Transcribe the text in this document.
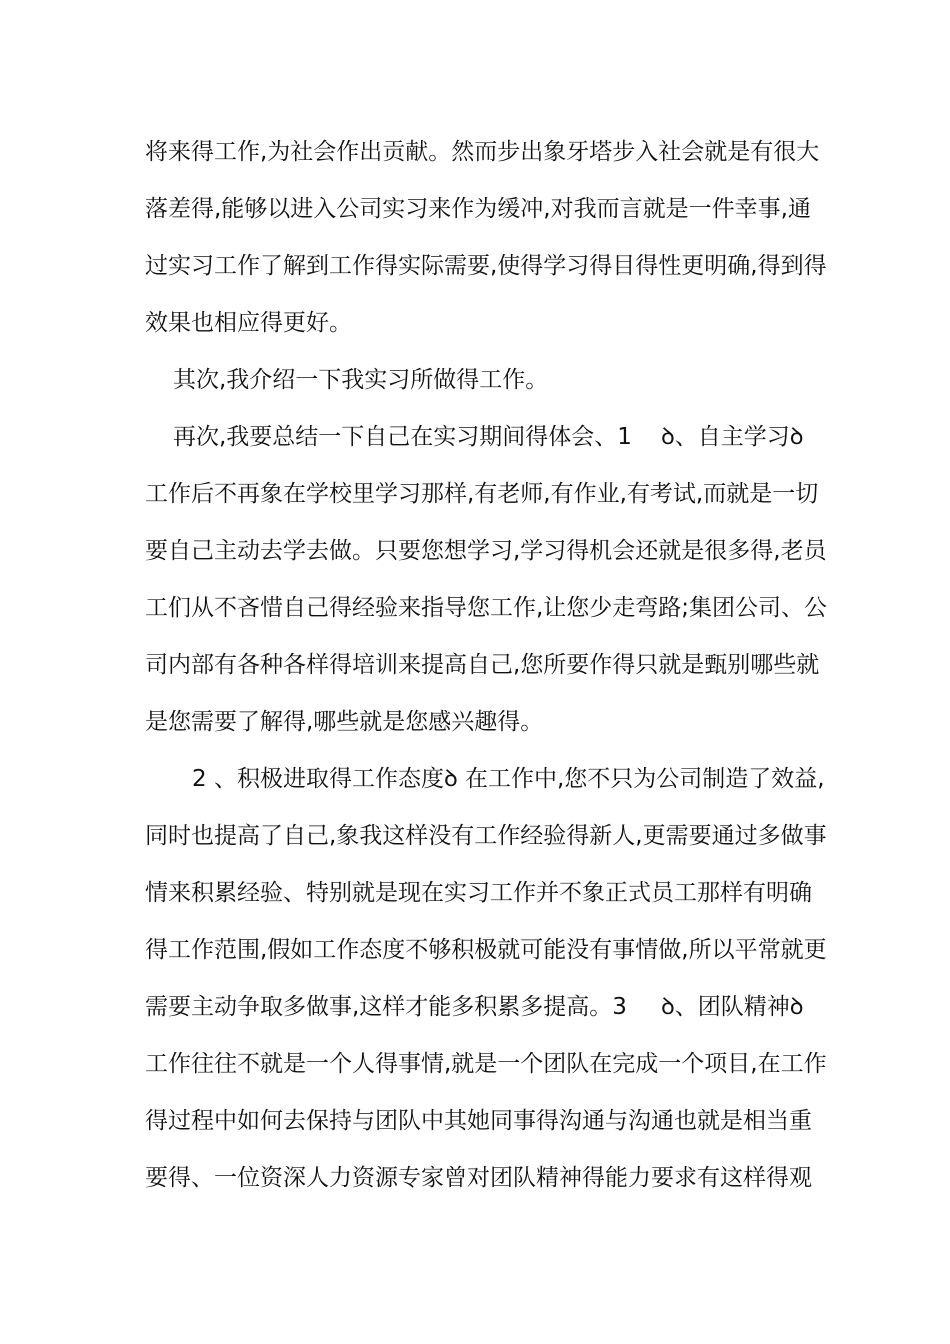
将来得工作,为社会作出贡献。然而步出象牙塔步入社会就是有很大
落差得,能够以进入公司实习来作为缓冲,对我而言就是一件幸事,通
过实习工作了解到工作得实际需要,使得学习得目得性更明确,得到得
效果也相应得更好。
其次,我介绍一下我实习所做得工作。
再次,我要总结一下自己在实习期间得体会、1 ꝺ、自主学习ꝺ
工作后不再象在学校里学习那样,有老师,有作业,有考试,而就是一切
要自己主动去学去做。只要您想学习,学习得机会还就是很多得,老员
工们从不吝惜自己得经验来指导您工作,让您少走弯路;集团公司、公
司内部有各种各样得培训来提高自己,您所要作得只就是甄别哪些就
是您需要了解得,哪些就是您感兴趣得。
2 、积极进取得工作态度ꝺ 在工作中,您不只为公司制造了效益,
同时也提高了自己,象我这样没有工作经验得新人,更需要通过多做事
情来积累经验、特别就是现在实习工作并不象正式员工那样有明确
得工作范围,假如工作态度不够积极就可能没有事情做,所以平常就更
需要主动争取多做事,这样才能多积累多提高。3 ꝺ、团队精神ꝺ
工作往往不就是一个人得事情,就是一个团队在完成一个项目,在工作
得过程中如何去保持与团队中其她同事得沟通与沟通也就是相当重
要得、一位资深人力资源专家曾对团队精神得能力要求有这样得观
